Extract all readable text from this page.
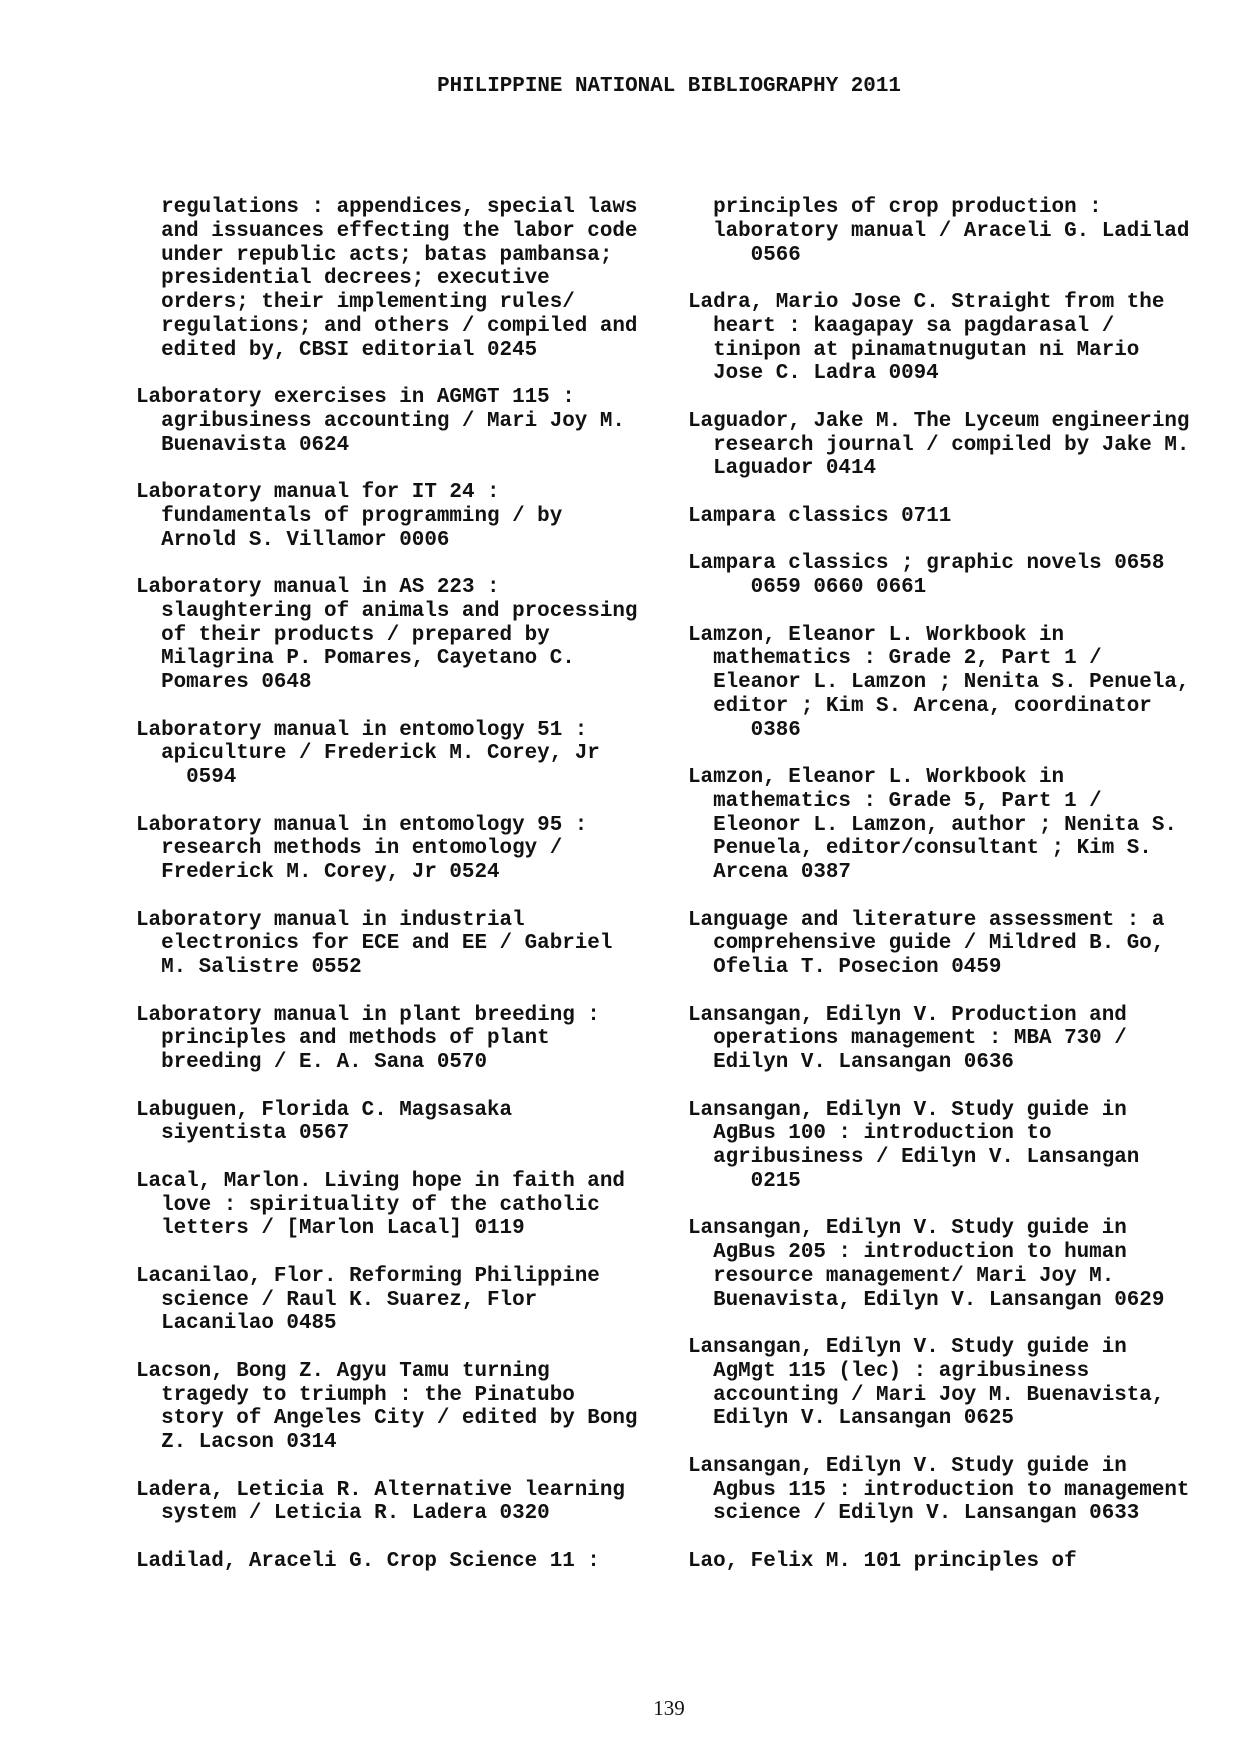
PHILIPPINE NATIONAL BIBLIOGRAPHY 2011
regulations : appendices, special laws
and issuances effecting the labor code
under republic acts; batas pambansa;
presidential decrees; executive
orders; their implementing rules/
regulations; and others / compiled and
edited by, CBSI editorial 0245
Laboratory exercises in AGMGT 115 :
agribusiness accounting / Mari Joy M.
Buenavista 0624
Laboratory manual for IT 24 :
fundamentals of programming / by
Arnold S. Villamor 0006
Laboratory manual in AS 223 :
slaughtering of animals and processing
of their products / prepared by
Milagrina P. Pomares, Cayetano C.
Pomares 0648
Laboratory manual in entomology 51 :
apiculture / Frederick M. Corey, Jr
0594
Laboratory manual in entomology 95 :
research methods in entomology /
Frederick M. Corey, Jr 0524
Laboratory manual in industrial
electronics for ECE and EE / Gabriel
M. Salistre 0552
Laboratory manual in plant breeding :
principles and methods of plant
breeding / E. A. Sana 0570
Labuguen, Florida C. Magsasaka
siyentista 0567
Lacal, Marlon. Living hope in faith and
love : spirituality of the catholic
letters / [Marlon Lacal] 0119
Lacanilao, Flor. Reforming Philippine
science / Raul K. Suarez, Flor
Lacanilao 0485
Lacson, Bong Z. Agyu Tamu turning
tragedy to triumph : the Pinatubo
story of Angeles City / edited by Bong
Z. Lacson 0314
Ladera, Leticia R. Alternative learning
system / Leticia R. Ladera 0320
Ladilad, Araceli G. Crop Science 11 :
principles of crop production :
laboratory manual / Araceli G. Ladilad
0566
Ladra, Mario Jose C. Straight from the
heart : kaagapay sa pagdarasal /
tinipon at pinamatnugutan ni Mario
Jose C. Ladra 0094
Laguador, Jake M. The Lyceum engineering
research journal / compiled by Jake M.
Laguador 0414
Lampara classics 0711
Lampara classics ; graphic novels 0658
0659 0660 0661
Lamzon, Eleanor L. Workbook in
mathematics : Grade 2, Part 1 /
Eleanor L. Lamzon ; Nenita S. Penuela,
editor ; Kim S. Arcena, coordinator
0386
Lamzon, Eleanor L. Workbook in
mathematics : Grade 5, Part 1 /
Eleonor L. Lamzon, author ; Nenita S.
Penuela, editor/consultant ; Kim S.
Arcena 0387
Language and literature assessment : a
comprehensive guide / Mildred B. Go,
Ofelia T. Posecion 0459
Lansangan, Edilyn V. Production and
operations management : MBA 730 /
Edilyn V. Lansangan 0636
Lansangan, Edilyn V. Study guide in
AgBus 100 : introduction to
agribusiness / Edilyn V. Lansangan
0215
Lansangan, Edilyn V. Study guide in
AgBus 205 : introduction to human
resource management/ Mari Joy M.
Buenavista, Edilyn V. Lansangan 0629
Lansangan, Edilyn V. Study guide in
AgMgt 115 (lec) : agribusiness
accounting / Mari Joy M. Buenavista,
Edilyn V. Lansangan 0625
Lansangan, Edilyn V. Study guide in
Agbus 115 : introduction to management
science / Edilyn V. Lansangan 0633
Lao, Felix M. 101 principles of
139
